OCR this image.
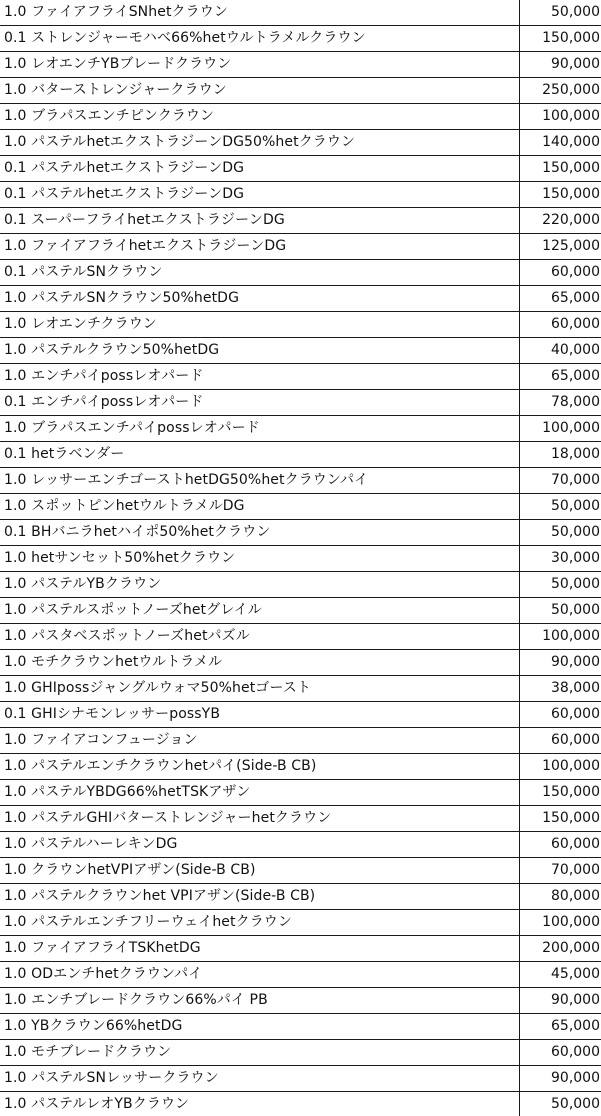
1.0 ファイアフライSNhetクラウン	50,000
0.1 ストレンジャーモハベ66%hetウルトラメルクラウン	150,000
1.0 レオエンチYBブレードクラウン	90,000
1.0 バターストレンジャークラウン	250,000
1.0 ブラパスエンチピンクラウン	100,000
1.0 パステルhetエクストラジーンDG50%hetクラウン	140,000
0.1 パステルhetエクストラジーンDG	150,000
0.1 パステルhetエクストラジーンDG	150,000
0.1 スーパーフライhetエクストラジーンDG	220,000
1.0 ファイアフライhetエクストラジーンDG	125,000
0.1 パステルSNクラウン	60,000
1.0 パステルSNクラウン50%hetDG	65,000
1.0 レオエンチクラウン	60,000
1.0 パステルクラウン50%hetDG	40,000
1.0 エンチパイpossレオパード	65,000
0.1 エンチパイpossレオパード	78,000
1.0 ブラパスエンチパイpossレオパード	100,000
0.1 hetラベンダー	18,000
1.0 レッサーエンチゴーストhetDG50%hetクラウンパイ	70,000
1.0 スポットピンhetウルトラメルDG	50,000
0.1 BHバニラhetハイポ50%hetクラウン	50,000
1.0 hetサンセット50%hetクラウン	30,000
1.0 パステルYBクラウン	50,000
1.0 パステルスポットノーズhetグレイル	50,000
1.0 パスタベスポットノーズhetパズル	100,000
1.0 モチクラウンhetウルトラメル	90,000
1.0 GHIpossジャングルウォマ50%hetゴースト	38,000
0.1 GHIシナモンレッサーpossYB	60,000
1.0 ファイアコンフュージョン	60,000
1.0 パステルエンチクラウンhetパイ(Side-B CB)	100,000
1.0 パステルYBDG66%hetTSKアザン	150,000
1.0 パステルGHIバターストレンジャーhetクラウン	150,000
1.0 パステルハーレキンDG	60,000
1.0 クラウンhetVPIアザン(Side-B CB)	70,000
1.0 パステルクラウンhet VPIアザン(Side-B CB)	80,000
1.0 パステルエンチフリーウェイhetクラウン	100,000
1.0 ファイアフライTSKhetDG	200,000
1.0 ODエンチhetクラウンパイ	45,000
1.0 エンチブレードクラウン66%パイ PB	90,000
1.0 YBクラウン66%hetDG	65,000
1.0 モチブレードクラウン	60,000
1.0 パステルSNレッサークラウン	90,000
1.0 パステルレオYBクラウン	50,000
